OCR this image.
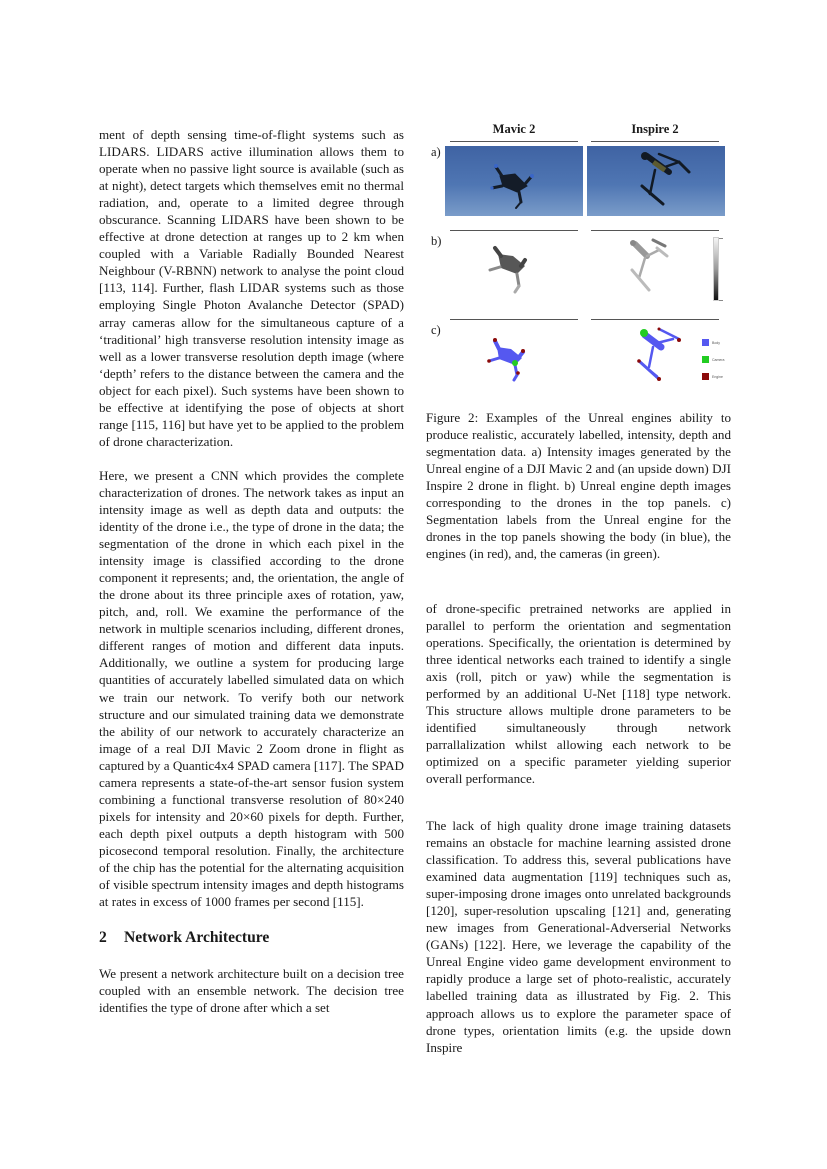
ment of depth sensing time-of-flight systems such as LIDARS. LIDARS active illumination allows them to operate when no passive light source is available (such as at night), detect targets which themselves emit no thermal radiation, and, operate to a limited degree through obscurance. Scanning LIDARS have been shown to be effective at drone detection at ranges up to 2 km when coupled with a Variable Radially Bounded Nearest Neighbour (V-RBNN) network to analyse the point cloud [113, 114]. Further, flash LIDAR systems such as those employing Single Photon Avalanche Detector (SPAD) array cameras allow for the simultaneous capture of a ‘traditional’ high transverse resolution intensity image as well as a lower transverse resolution depth image (where ‘depth’ refers to the distance between the camera and the object for each pixel). Such systems have been shown to be effective at identifying the pose of objects at short range [115, 116] but have yet to be applied to the problem of drone characterization.

Here, we present a CNN which provides the complete characterization of drones. The network takes as input an intensity image as well as depth data and outputs: the identity of the drone i.e., the type of drone in the data; the segmentation of the drone in which each pixel in the intensity image is classified according to the drone component it represents; and, the orientation, the angle of the drone about its three principle axes of rotation, yaw, pitch, and, roll. We examine the performance of the network in multiple scenarios including, different drones, different ranges of motion and different data inputs. Additionally, we outline a system for producing large quantities of accurately labelled simulated data on which we train our network. To verify both our network structure and our simulated training data we demonstrate the ability of our network to accurately characterize an image of a real DJI Mavic 2 Zoom drone in flight as captured by a Quantic4x4 SPAD camera [117]. The SPAD camera represents a state-of-the-art sensor fusion system combining a functional transverse resolution of 80×240 pixels for intensity and 20×60 pixels for depth. Further, each depth pixel outputs a depth histogram with 500 picosecond temporal resolution. Finally, the architecture of the chip has the potential for the alternating acquisition of visible spectrum intensity images and depth histograms at rates in excess of 1000 frames per second [115].

2 Network Architecture

We present a network architecture built on a decision tree coupled with an ensemble network. The decision tree identifies the type of drone after which a set

Mavic 2	Inspire 2
a)
b)
c)
Body
Camera
Engine

Figure 2: Examples of the Unreal engines ability to produce realistic, accurately labelled, intensity, depth and segmentation data. a) Intensity images generated by the Unreal engine of a DJI Mavic 2 and (an upside down) DJI Inspire 2 drone in flight. b) Unreal engine depth images corresponding to the drones in the top panels. c) Segmentation labels from the Unreal engine for the drones in the top panels showing the body (in blue), the engines (in red), and, the cameras (in green).

of drone-specific pretrained networks are applied in parallel to perform the orientation and segmentation operations. Specifically, the orientation is determined by three identical networks each trained to identify a single axis (roll, pitch or yaw) while the segmentation is performed by an additional U-Net [118] type network. This structure allows multiple drone parameters to be identified simultaneously through network parrallalization whilst allowing each network to be optimized on a specific parameter yielding superior overall performance.

The lack of high quality drone image training datasets remains an obstacle for machine learning assisted drone classification. To address this, several publications have examined data augmentation [119] techniques such as, super-imposing drone images onto unrelated backgrounds [120], super-resolution upscaling [121] and, generating new images from Generational-Adverserial Networks (GANs) [122]. Here, we leverage the capability of the Unreal Engine video game development environment to rapidly produce a large set of photo-realistic, accurately labelled training data as illustrated by Fig. 2. This approach allows us to explore the parameter space of drone types, orientation limits (e.g. the upside down Inspire
